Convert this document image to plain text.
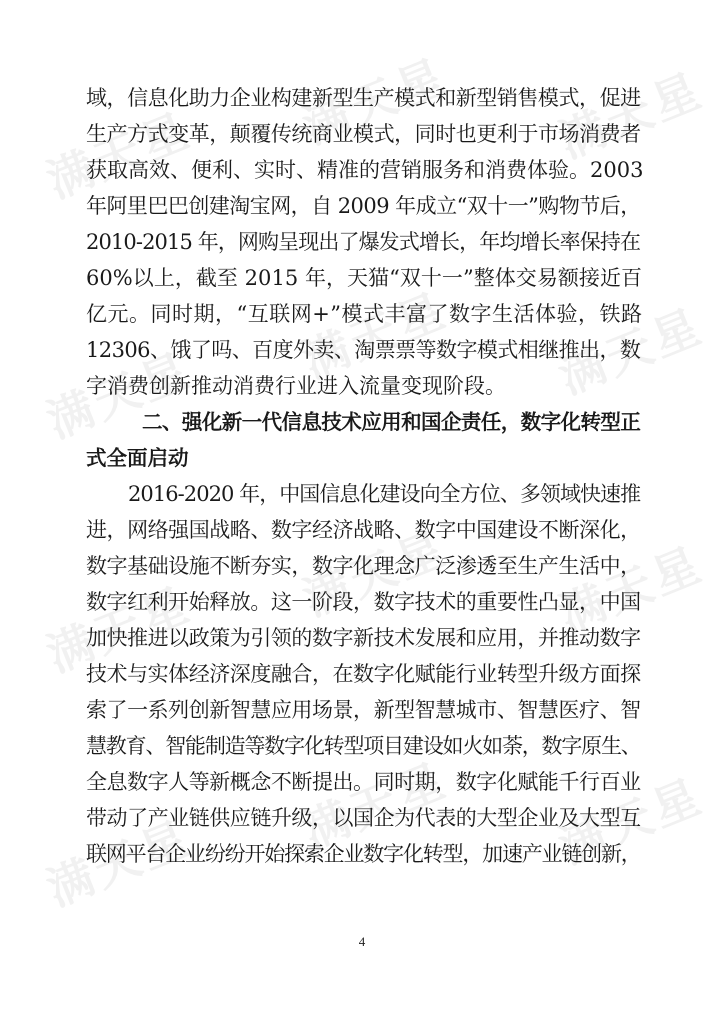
满天星
满天星	满天星
满天星
满天星	满天星
满天星
满天星	满天星
满天星
满天星	满天星
域，信息化助力企业构建新型生产模式和新型销售模式，促进
生产方式变革，颠覆传统商业模式，同时也更利于市场消费者
获取高效、便利、实时、精准的营销服务和消费体验。2003
年阿里巴巴创建淘宝网，自 2009 年成立“双十一”购物节后，
2010-2015 年，网购呈现出了爆发式增长，年均增长率保持在
60%以上，截至 2015 年，天猫“双十一”整体交易额接近百
亿元。同时期，“互联网+”模式丰富了数字生活体验，铁路
12306、饿了吗、百度外卖、淘票票等数字模式相继推出，数
字消费创新推动消费行业进入流量变现阶段。
二、强化新一代信息技术应用和国企责任，数字化转型正
式全面启动
2016-2020 年，中国信息化建设向全方位、多领域快速推
进，网络强国战略、数字经济战略、数字中国建设不断深化，
数字基础设施不断夯实，数字化理念广泛渗透至生产生活中，
数字红利开始释放。这一阶段，数字技术的重要性凸显，中国
加快推进以政策为引领的数字新技术发展和应用，并推动数字
技术与实体经济深度融合，在数字化赋能行业转型升级方面探
索了一系列创新智慧应用场景，新型智慧城市、智慧医疗、智
慧教育、智能制造等数字化转型项目建设如火如荼，数字原生、
全息数字人等新概念不断提出。同时期，数字化赋能千行百业
带动了产业链供应链升级，以国企为代表的大型企业及大型互
联网平台企业纷纷开始探索企业数字化转型，加速产业链创新，
4
